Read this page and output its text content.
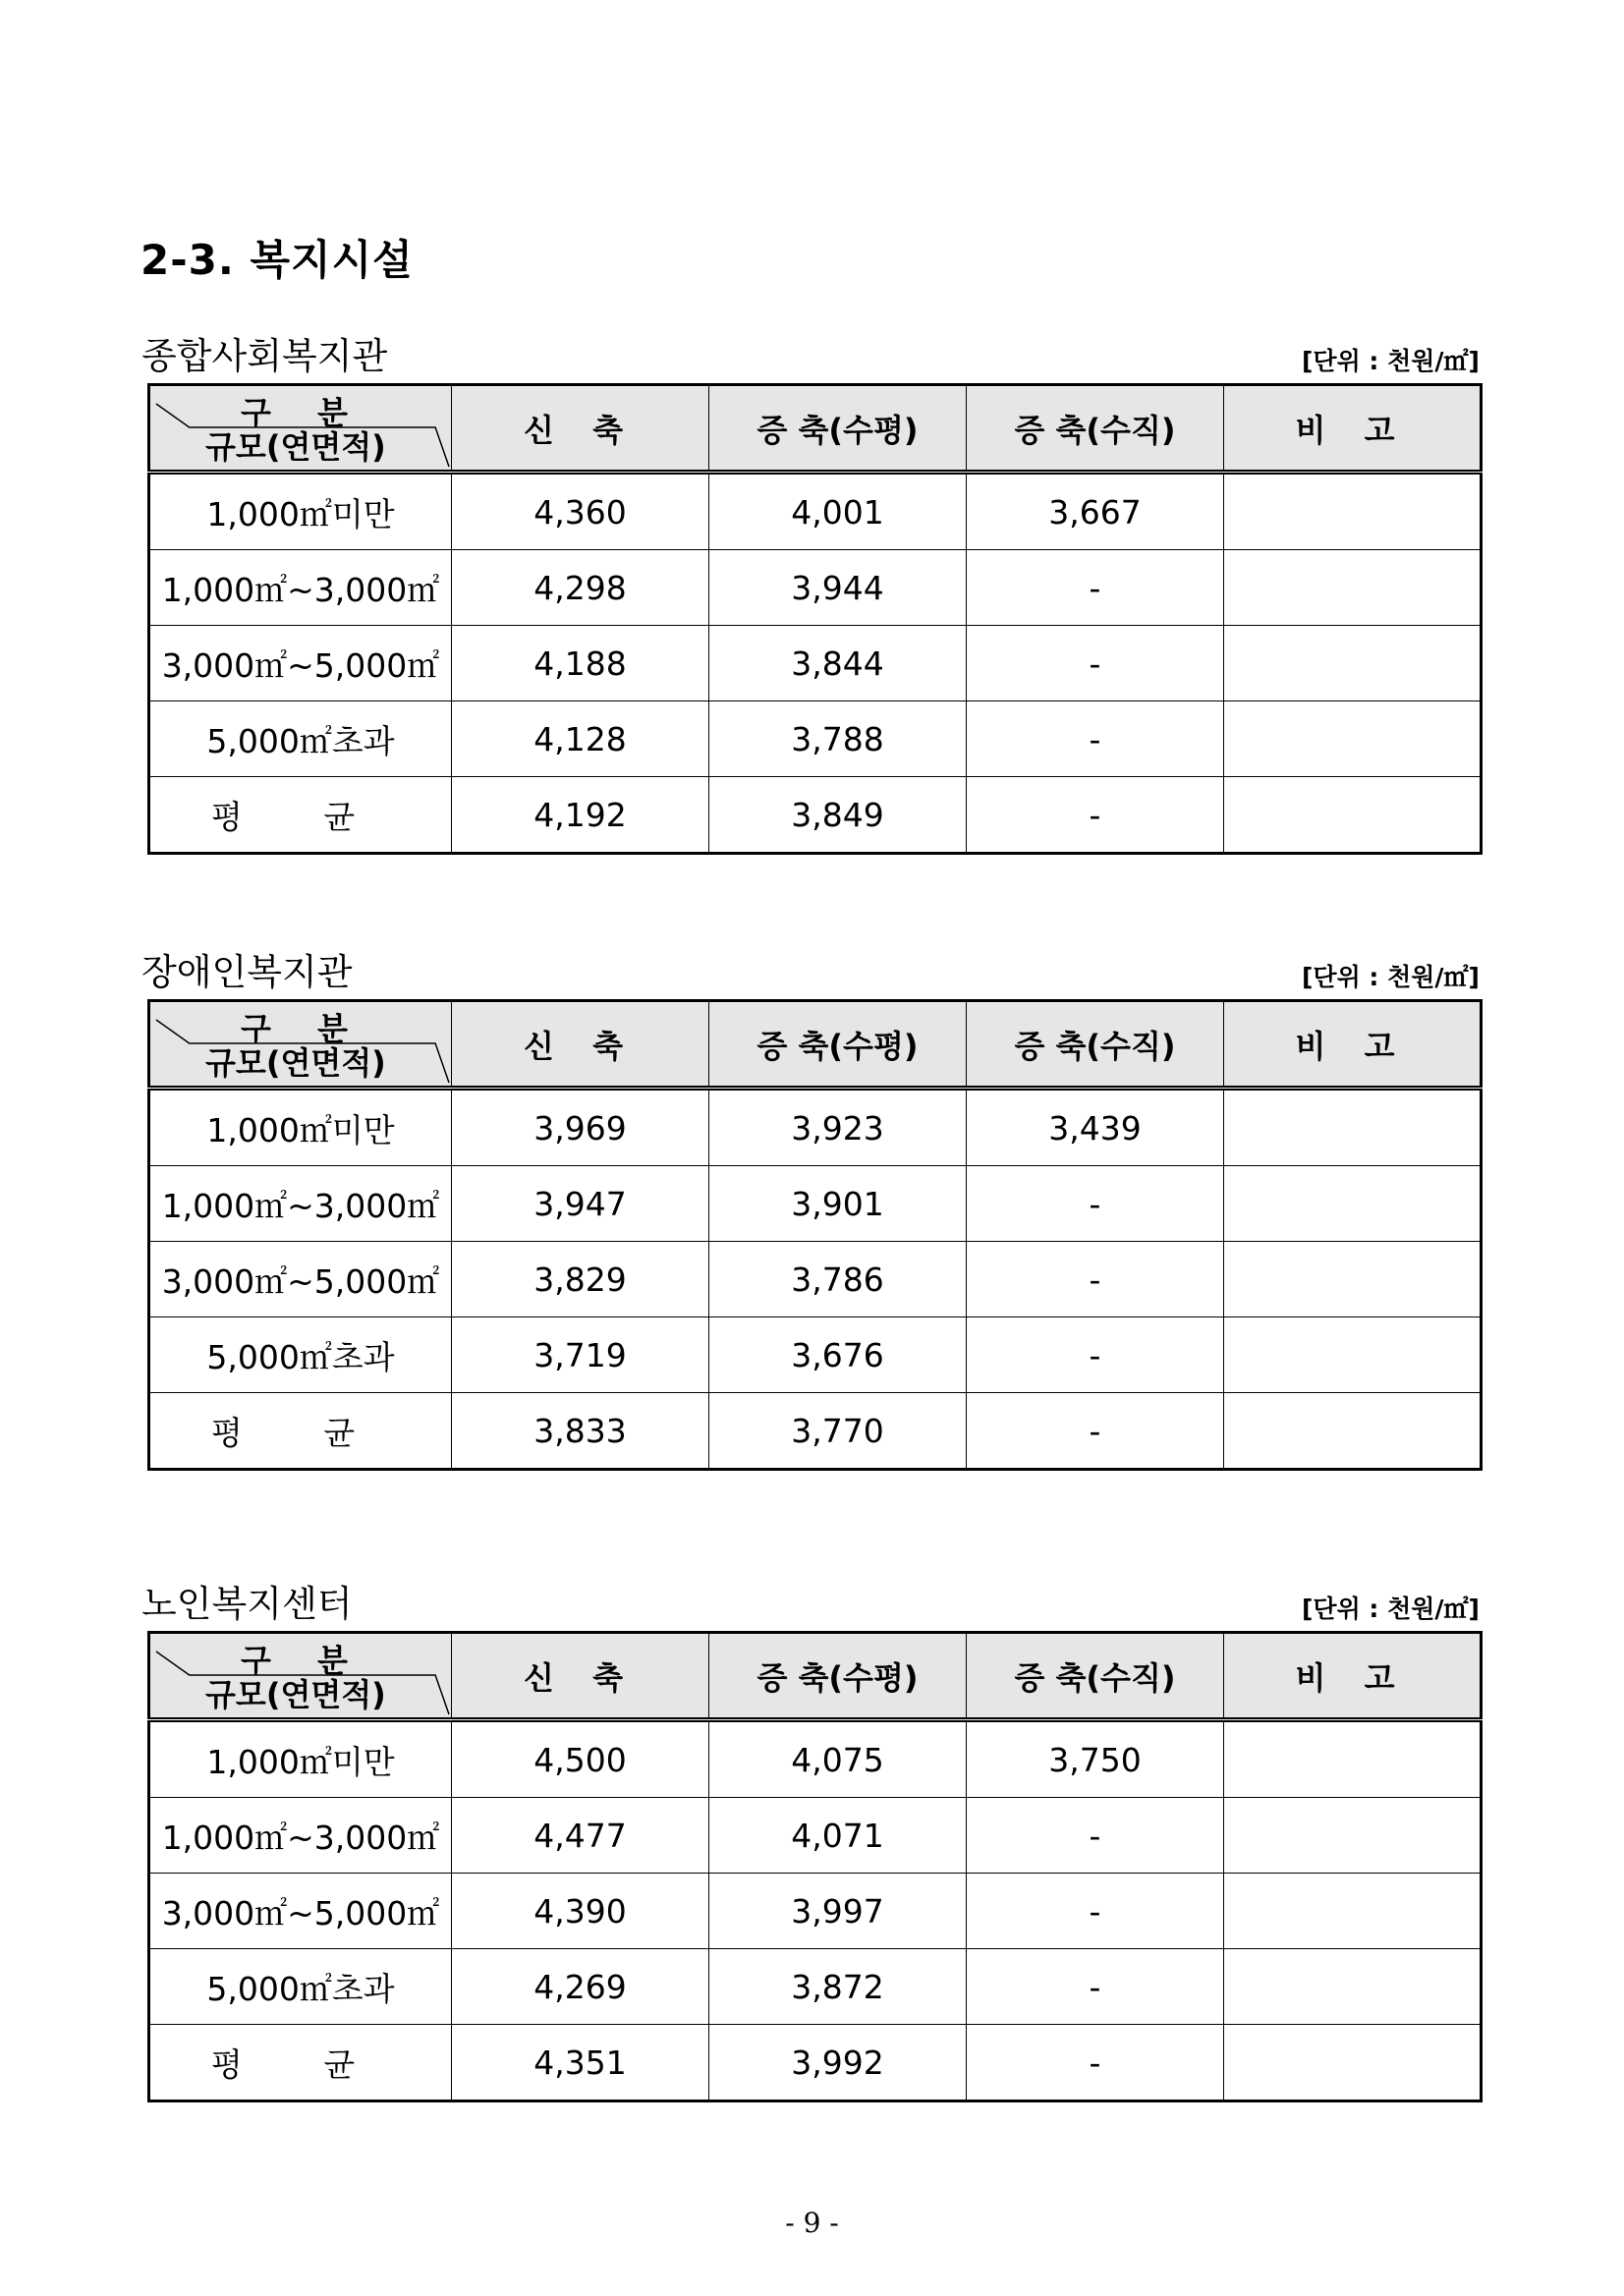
2-3. 복지시설
종합사회복지관	[단위 : 천원/㎡]
구 분
규모(연면적)	신 축	증 축(수평)	증 축(수직)	비 고
1,000㎡미만	4,360	4,001	3,667	
1,000㎡~3,000㎡	4,298	3,944	-	
3,000㎡~5,000㎡	4,188	3,844	-	
5,000㎡초과	4,128	3,788	-	
평 균	4,192	3,849	-	
장애인복지관	[단위 : 천원/㎡]
구 분
규모(연면적)	신 축	증 축(수평)	증 축(수직)	비 고
1,000㎡미만	3,969	3,923	3,439	
1,000㎡~3,000㎡	3,947	3,901	-	
3,000㎡~5,000㎡	3,829	3,786	-	
5,000㎡초과	3,719	3,676	-	
평 균	3,833	3,770	-	
노인복지센터	[단위 : 천원/㎡]
구 분
규모(연면적)	신 축	증 축(수평)	증 축(수직)	비 고
1,000㎡미만	4,500	4,075	3,750	
1,000㎡~3,000㎡	4,477	4,071	-	
3,000㎡~5,000㎡	4,390	3,997	-	
5,000㎡초과	4,269	3,872	-	
평 균	4,351	3,992	-	
- 9 -
